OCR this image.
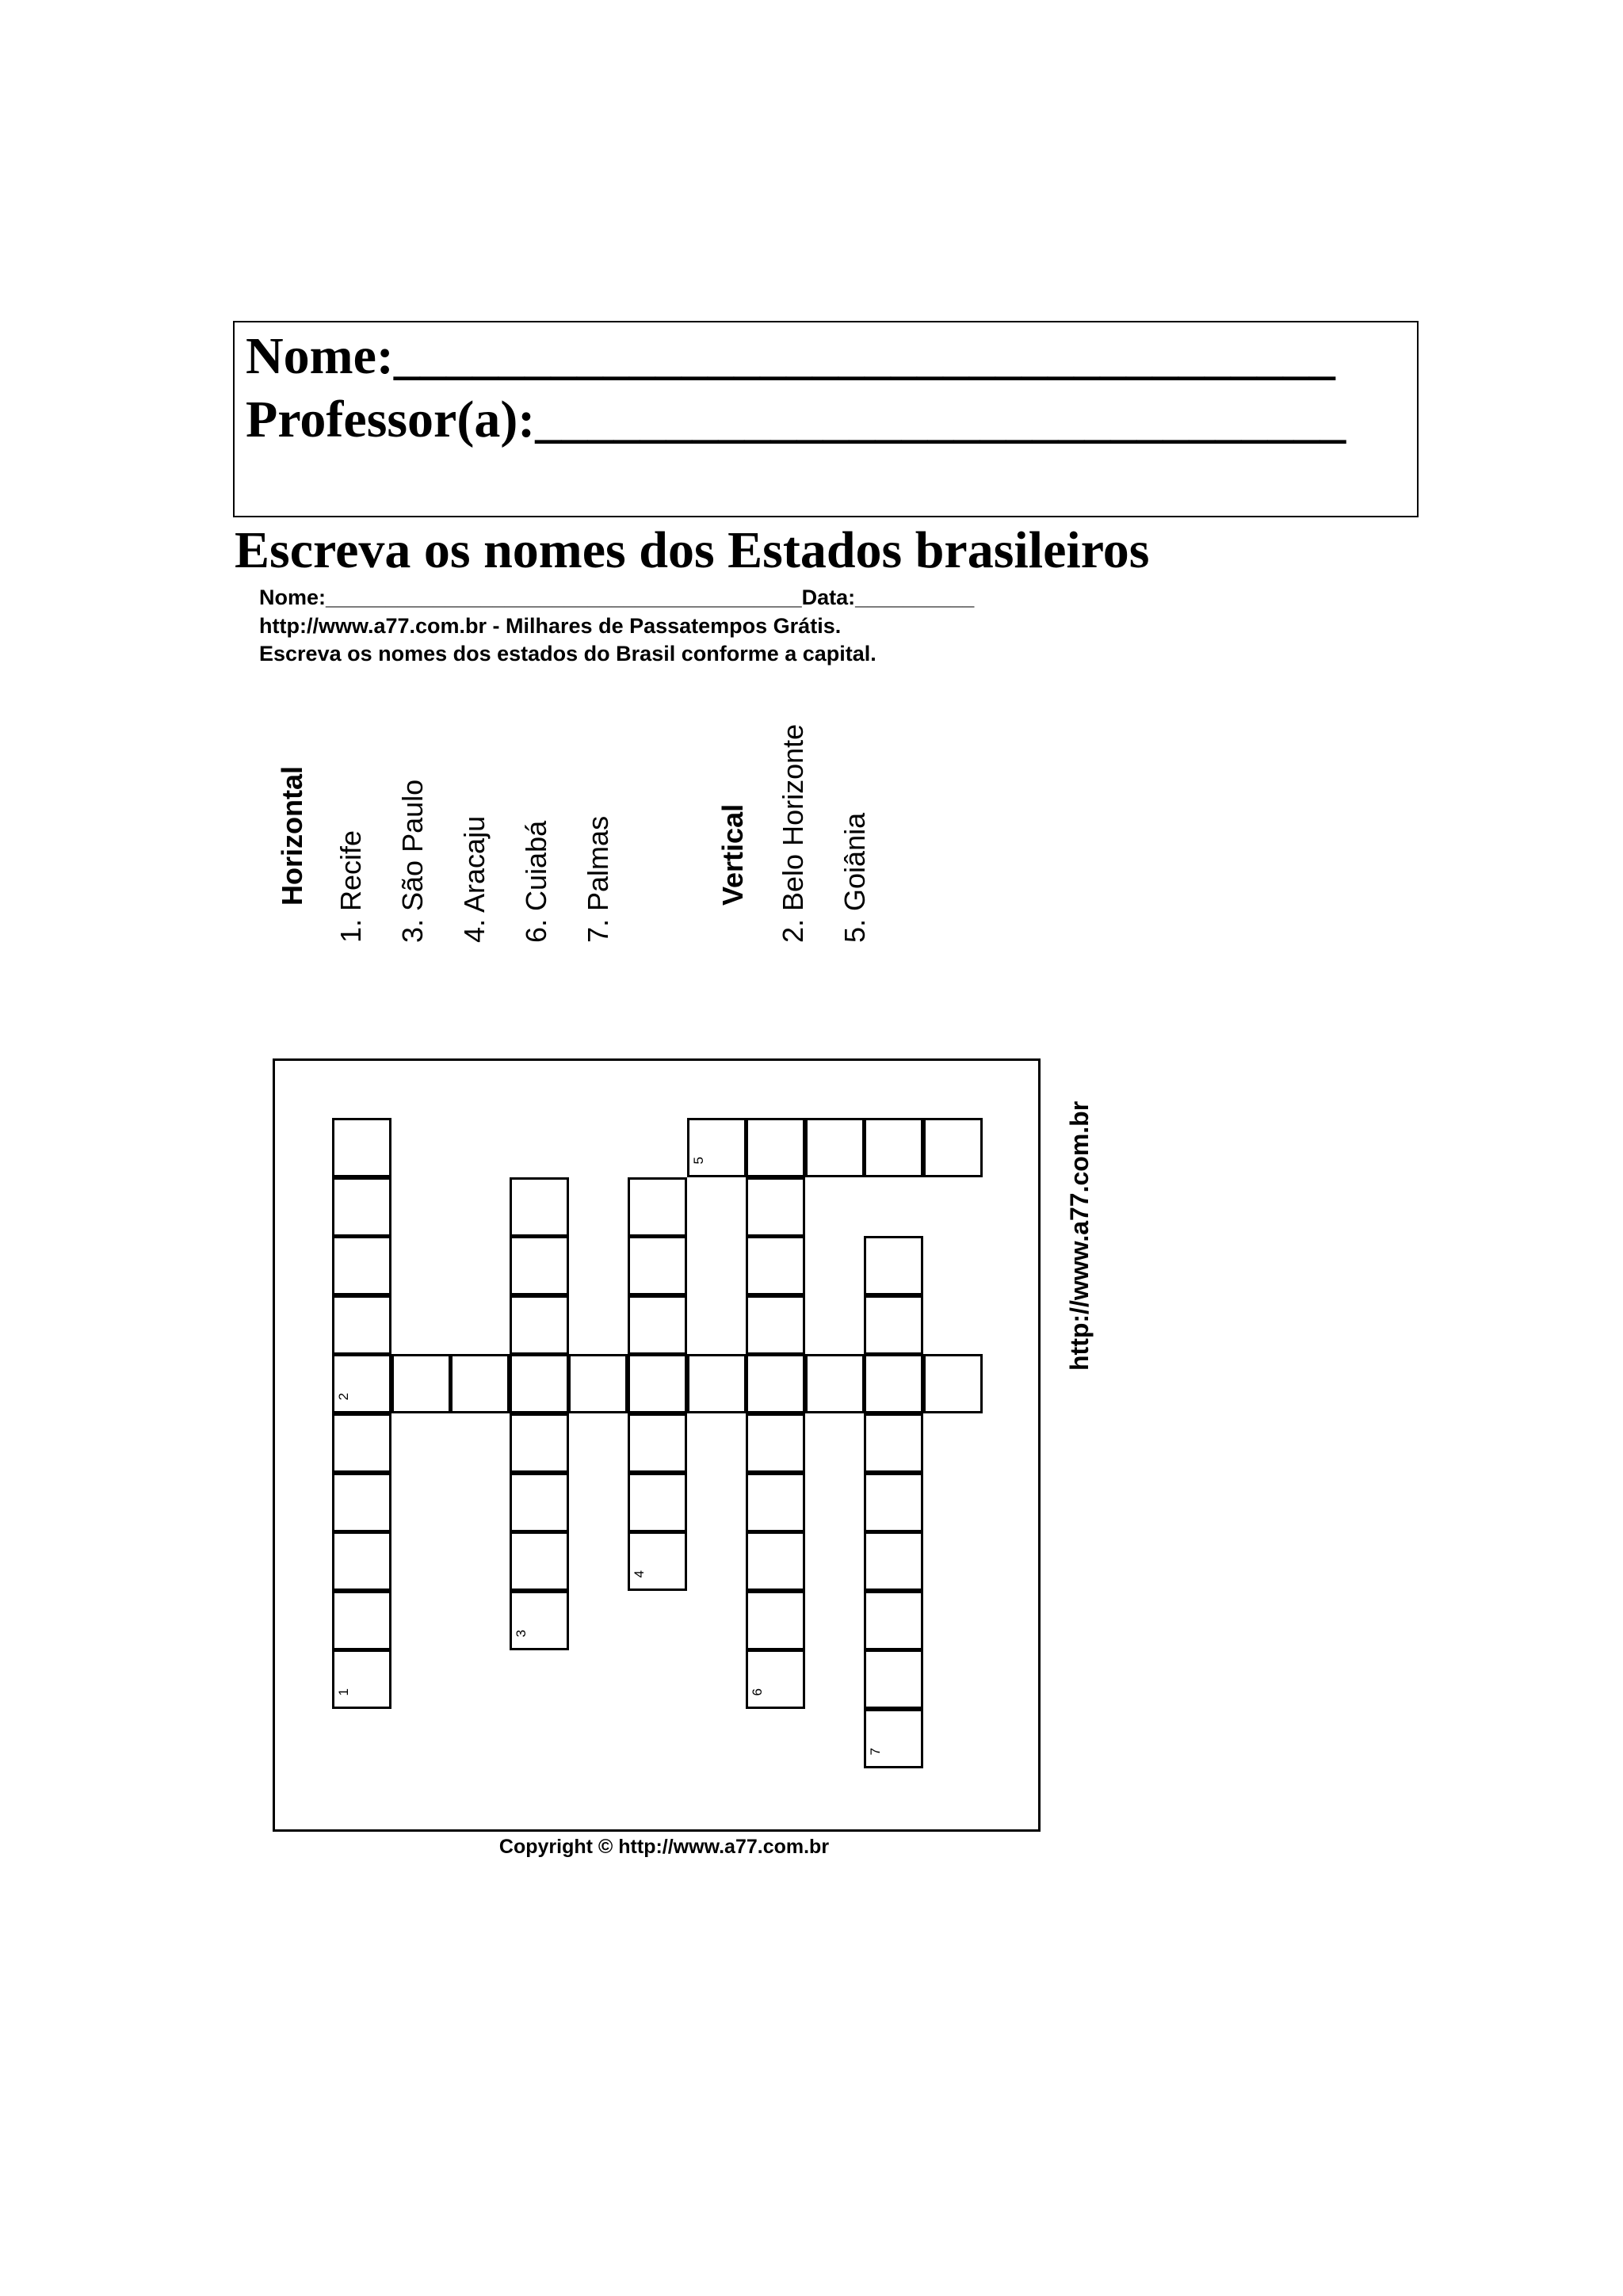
Nome:____________________________________
Professor(a):_______________________________
Escreva os nomes dos Estados brasileiros
Nome:________________________________________Data:__________
http://www.a77.com.br - Milhares de Passatempos Grátis.
Escreva os nomes dos estados do Brasil conforme a capital.
Horizontal 1. Recife 3. São Paulo 4. Aracaju 6. Cuiabá 7. Palmas	Vertical 2. Belo Horizonte 5. Goiânia
2
1
3
4
6
7
5	http://www.a77.com.br
Copyright © http://www.a77.com.br
